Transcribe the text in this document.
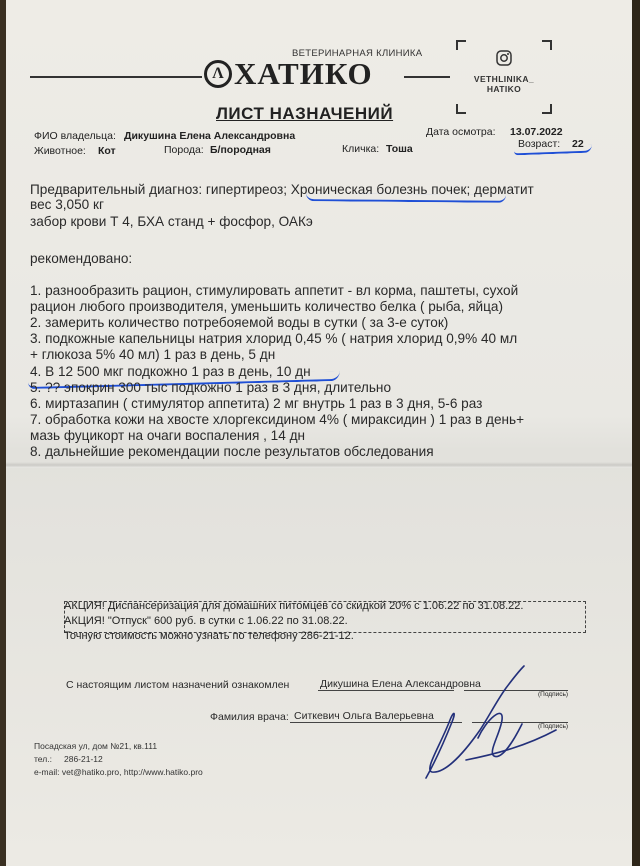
ВЕТЕРИНАРНАЯ КЛИНИКА
Ʌ ХАТИКО	VETHLINIKA_
HATIKO
ЛИСТ НАЗНАЧЕНИЙ
ФИО владельца: Дикушина Елена Александровна	Дата осмотра: 13.07.2022
Животное: Кот	Порода: Б/породная	Кличка: Тоша	Возраст: 22
Предварительный диагноз: гипертиреоз; Хроническая болезнь почек; дерматит
вес 3,050 кг
забор крови Т 4, БХА станд + фосфор, ОАКэ
рекомендовано:
1. разнообразить рацион, стимулировать аппетит - вл корма, паштеты, сухой
рацион любого производителя, уменьшить количество белка ( рыба, яйца)
2. замерить количество потребояемой воды в сутки ( за 3-е суток)
3. подкожные капельницы натрия хлорид 0,45 % ( натрия хлорид 0,9% 40 мл
+ глюкоза 5% 40 мл) 1 раз в день, 5 дн
4. В 12 500 мкг подкожно 1 раз в день, 10 дн
5. ?? эпокрин 300 тыс подкожно 1 раз в 3 дня, длительно
6. миртазапин ( стимулятор аппетита) 2 мг внутрь 1 раз в 3 дня, 5-6 раз
7. обработка кожи на хвосте хлоргексидином 4% ( мираксидин ) 1 раз в день+
мазь фуцикорт на очаги воспаления , 14 дн
8. дальнейшие рекомендации после результатов обследования
АКЦИЯ! Диспансеризация для домашних питомцев со скидкой 20% с 1.06.22 по 31.08.22.
АКЦИЯ! "Отпуск" 600 руб. в сутки с 1.06.22 по 31.08.22.
Точную стоимость можно узнать по телефону 286-21-12.
С настоящим листом назначений ознакомлен	Дикушина Елена Александровна
(Подпись)
Фамилия врача: Ситкевич Ольга Валерьевна
(Подпись)
Посадская ул, дом №21, кв.111
тел.: 286-21-12
e-mail: vet@hatiko.pro, http://www.hatiko.pro
